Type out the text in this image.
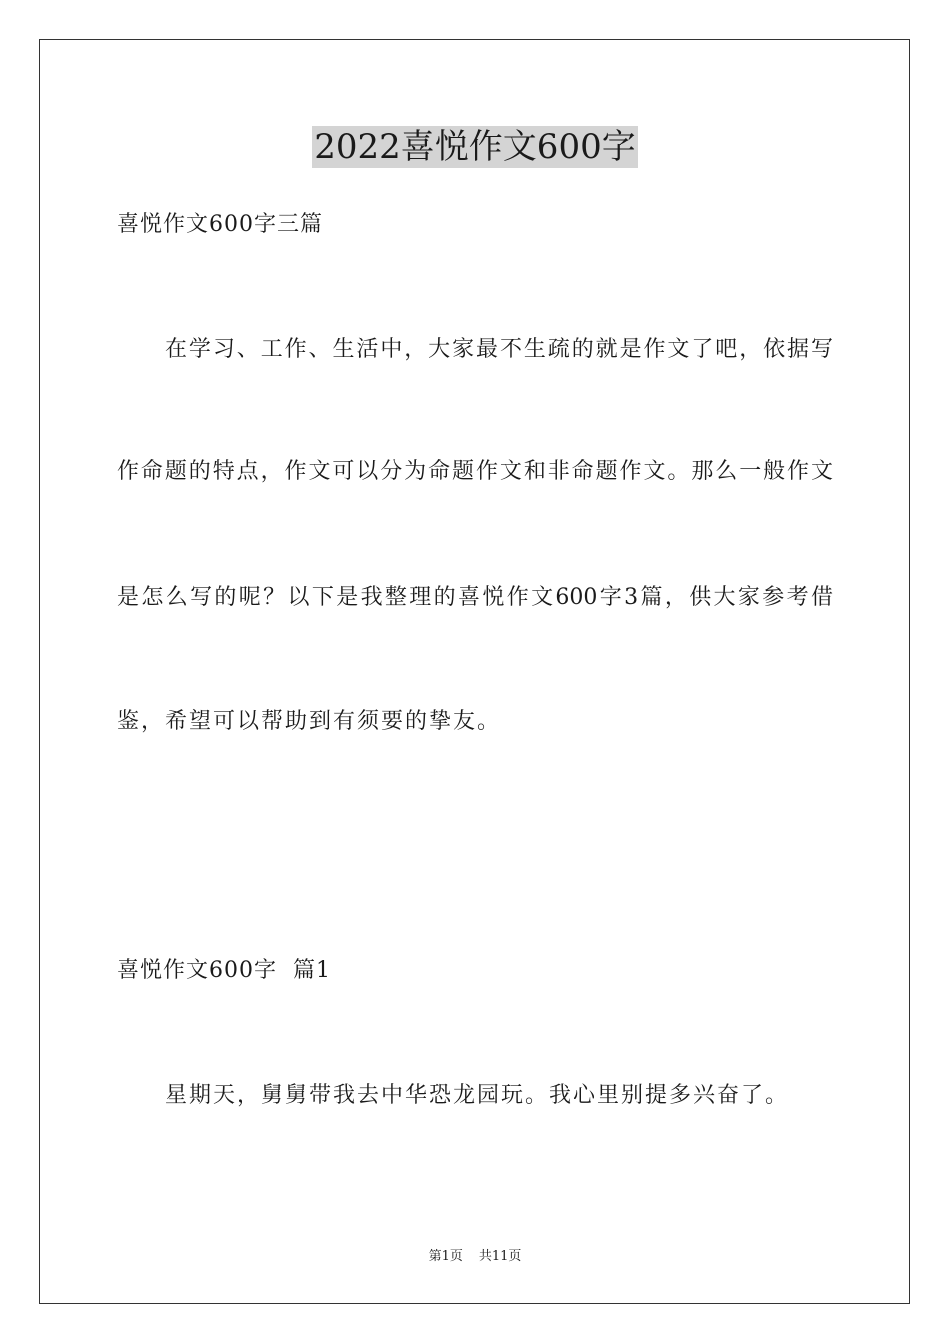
2022喜悦作文600字
喜悦作文600字三篇
在学习、工作、生活中，大家最不生疏的就是作文了吧，依据写
作命题的特点，作文可以分为命题作文和非命题作文。那么一般作文
是怎么写的呢？以下是我整理的喜悦作文600字3篇，供大家参考借
鉴，希望可以帮助到有须要的挚友。
喜悦作文600字  篇1
星期天，舅舅带我去中华恐龙园玩。我心里别提多兴奋了。
第1页 共11页
